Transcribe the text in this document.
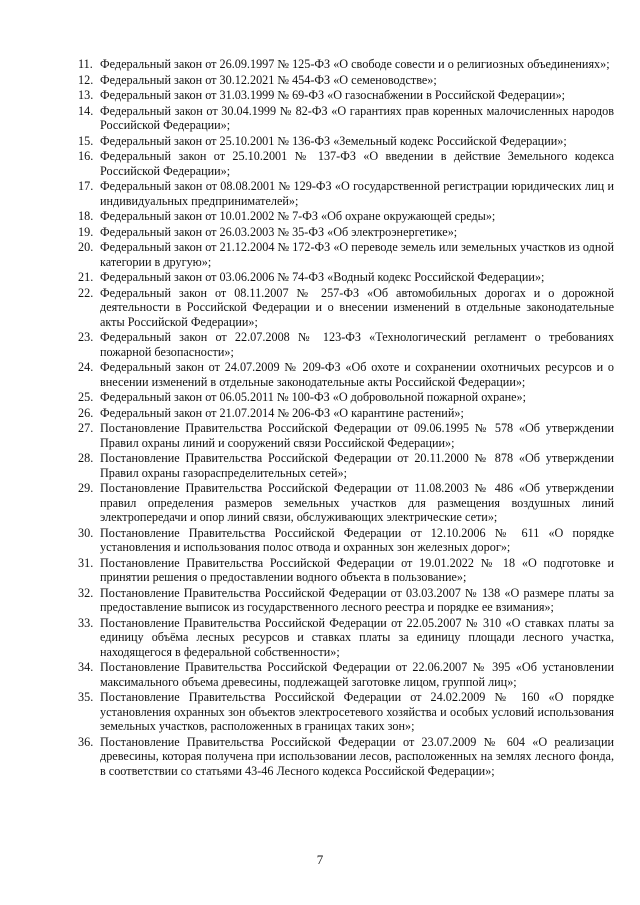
11. Федеральный закон от 26.09.1997 № 125-ФЗ «О свободе совести и о религиозных объединениях»;
12. Федеральный закон от 30.12.2021 № 454-ФЗ «О семеноводстве»;
13. Федеральный закон от 31.03.1999 № 69-ФЗ «О газоснабжении в Российской Федерации»;
14. Федеральный закон от 30.04.1999 № 82-ФЗ «О гарантиях прав коренных малочисленных народов Российской Федерации»;
15. Федеральный закон от 25.10.2001 № 136-ФЗ «Земельный кодекс Российской Федерации»;
16. Федеральный закон от 25.10.2001 № 137-ФЗ «О введении в действие Земельного кодекса Российской Федерации»;
17. Федеральный закон от 08.08.2001 № 129-ФЗ «О государственной регистрации юридических лиц и индивидуальных предпринимателей»;
18. Федеральный закон от 10.01.2002 № 7-ФЗ «Об охране окружающей среды»;
19. Федеральный закон от 26.03.2003 № 35-ФЗ «Об электроэнергетике»;
20. Федеральный закон от 21.12.2004 № 172-ФЗ «О переводе земель или земельных участков из одной категории в другую»;
21. Федеральный закон от 03.06.2006 № 74-ФЗ «Водный кодекс Российской Федерации»;
22. Федеральный закон от 08.11.2007 № 257-ФЗ «Об автомобильных дорогах и о дорожной деятельности в Российской Федерации и о внесении изменений в отдельные законодательные акты Российской Федерации»;
23. Федеральный закон от 22.07.2008 № 123-ФЗ «Технологический регламент о требованиях пожарной безопасности»;
24. Федеральный закон от 24.07.2009 № 209-ФЗ «Об охоте и сохранении охотничьих ресурсов и о внесении изменений в отдельные законодательные акты Российской Федерации»;
25. Федеральный закон от 06.05.2011 № 100-ФЗ «О добровольной пожарной охране»;
26. Федеральный закон от 21.07.2014 № 206-ФЗ «О карантине растений»;
27. Постановление Правительства Российской Федерации от 09.06.1995 № 578 «Об утверждении Правил охраны линий и сооружений связи Российской Федерации»;
28. Постановление Правительства Российской Федерации от 20.11.2000 № 878 «Об утверждении Правил охраны газораспределительных сетей»;
29. Постановление Правительства Российской Федерации от 11.08.2003 № 486 «Об утверждении правил определения размеров земельных участков для размещения воздушных линий электропередачи и опор линий связи, обслуживающих электрические сети»;
30. Постановление Правительства Российской Федерации от 12.10.2006 № 611 «О порядке установления и использования полос отвода и охранных зон железных дорог»;
31. Постановление Правительства Российской Федерации от 19.01.2022 № 18 «О подготовке и принятии решения о предоставлении водного объекта в пользование»;
32. Постановление Правительства Российской Федерации от 03.03.2007 № 138 «О размере платы за предоставление выписок из государственного лесного реестра и порядке ее взимания»;
33. Постановление Правительства Российской Федерации от 22.05.2007 № 310 «О ставках платы за единицу объёма лесных ресурсов и ставках платы за единицу площади лесного участка, находящегося в федеральной собственности»;
34. Постановление Правительства Российской Федерации от 22.06.2007 № 395 «Об установлении максимального объема древесины, подлежащей заготовке лицом, группой лиц»;
35. Постановление Правительства Российской Федерации от 24.02.2009 № 160 «О порядке установления охранных зон объектов электросетевого хозяйства и особых условий использования земельных участков, расположенных в границах таких зон»;
36. Постановление Правительства Российской Федерации от 23.07.2009 № 604 «О реализации древесины, которая получена при использовании лесов, расположенных на землях лесного фонда, в соответствии со статьями 43-46 Лесного кодекса Российской Федерации»;
7
